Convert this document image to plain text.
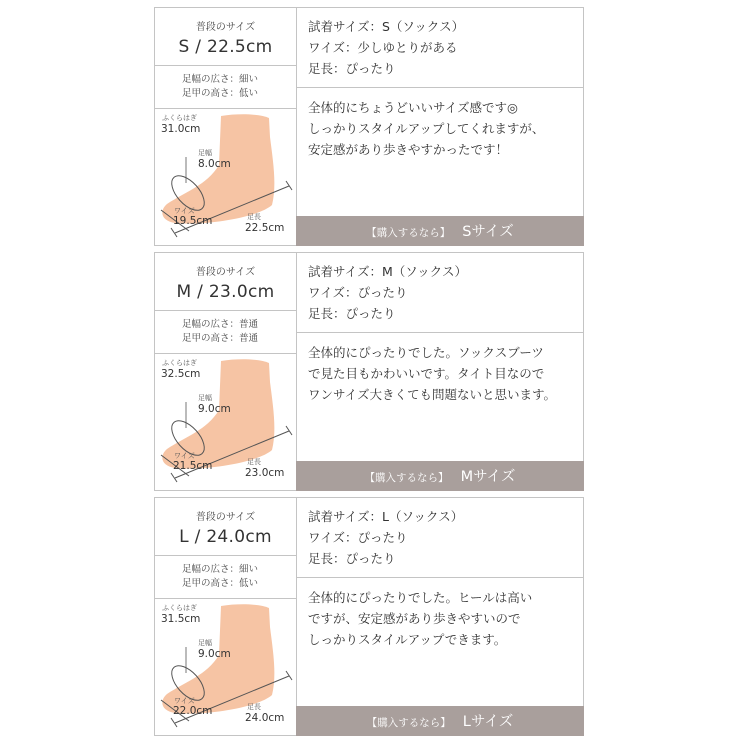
普段のサイズ
S / 22.5cm
足幅の広さ：細い
足甲の高さ：低い
ふくらはぎ
31.0cm
足幅
8.0cm
ワイズ
19.5cm	足長
22.5cm
試着サイズ：S（ソックス）
ワイズ：少しゆとりがある
足長：ぴったり
全体的にちょうどいいサイズ感です◎
しっかりスタイルアップしてくれますが、
安定感があり歩きやすかったです！
【購入するなら】 Sサイズ
普段のサイズ
M / 23.0cm
足幅の広さ：普通
足甲の高さ：普通
ふくらはぎ
32.5cm
足幅
9.0cm
ワイズ
21.5cm	足長
23.0cm
試着サイズ：M（ソックス）
ワイズ：ぴったり
足長：ぴったり
全体的にぴったりでした。ソックスブーツ
で見た目もかわいいです。タイト目なので
ワンサイズ大きくても問題ないと思います。
【購入するなら】 Mサイズ
普段のサイズ
L / 24.0cm
足幅の広さ：細い
足甲の高さ：低い
ふくらはぎ
31.5cm
足幅
9.0cm
ワイズ
22.0cm	足長
24.0cm
試着サイズ：L（ソックス）
ワイズ：ぴったり
足長：ぴったり
全体的にぴったりでした。ヒールは高い
ですが、安定感があり歩きやすいので
しっかりスタイルアップできます。
【購入するなら】 Lサイズ
